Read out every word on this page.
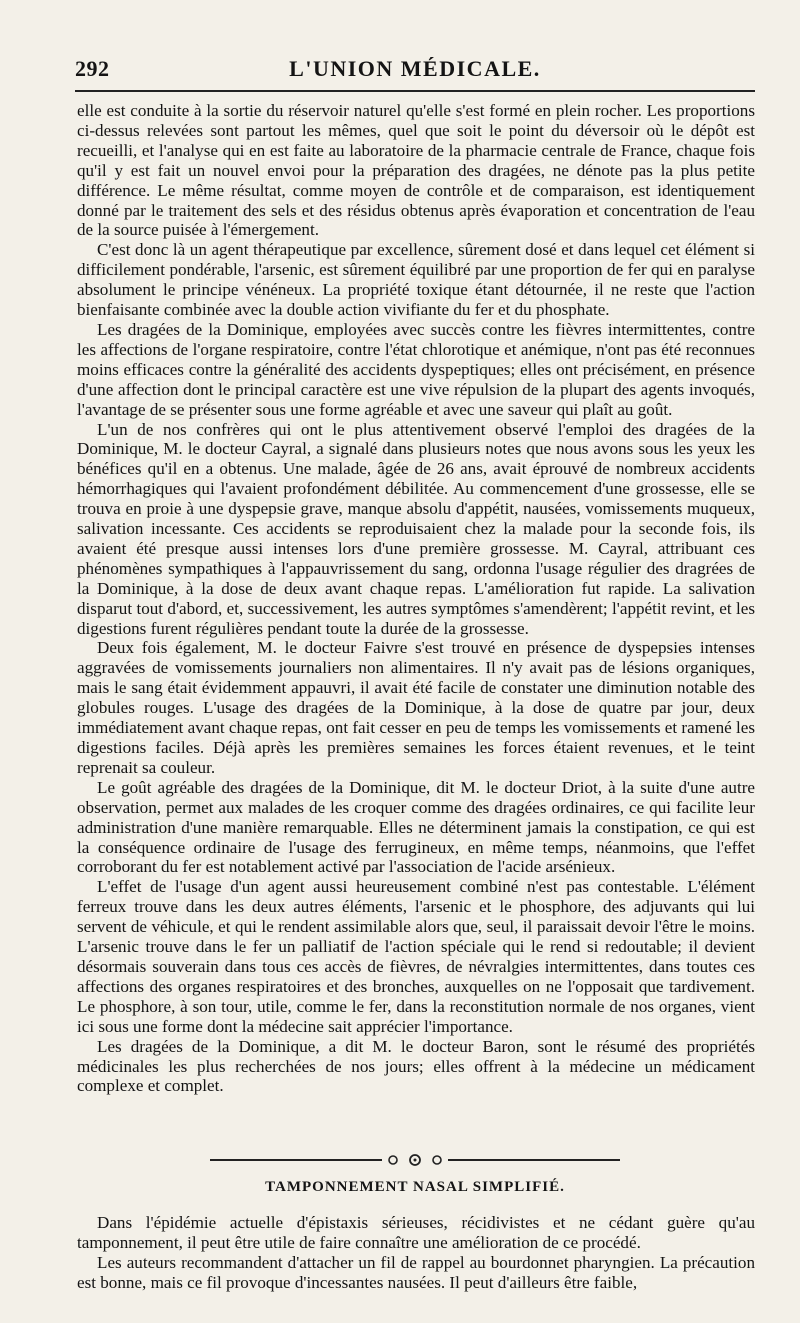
292	L'UNION MÉDICALE.

elle est conduite à la sortie du réservoir naturel qu'elle s'est formé en plein rocher. Les proportions ci-dessus relevées sont partout les mêmes, quel que soit le point du déversoir où le dépôt est recueilli, et l'analyse qui en est faite au laboratoire de la pharmacie centrale de France, chaque fois qu'il y est fait un nouvel envoi pour la préparation des dragées, ne dénote pas la plus petite différence. Le même résultat, comme moyen de contrôle et de comparaison, est identiquement donné par le traitement des sels et des résidus obtenus après évaporation et concentration de l'eau de la source puisée à l'émergement.

C'est donc là un agent thérapeutique par excellence, sûrement dosé et dans lequel cet élément si difficilement pondérable, l'arsenic, est sûrement équilibré par une proportion de fer qui en paralyse absolument le principe vénéneux. La propriété toxique étant détournée, il ne reste que l'action bienfaisante combinée avec la double action vivifiante du fer et du phosphate.

Les dragées de la Dominique, employées avec succès contre les fièvres intermittentes, contre les affections de l'organe respiratoire, contre l'état chlorotique et anémique, n'ont pas été reconnues moins efficaces contre la généralité des accidents dyspeptiques; elles ont précisément, en présence d'une affection dont le principal caractère est une vive répulsion de la plupart des agents invoqués, l'avantage de se présenter sous une forme agréable et avec une saveur qui plaît au goût.

L'un de nos confrères qui ont le plus attentivement observé l'emploi des dragées de la Dominique, M. le docteur Cayral, a signalé dans plusieurs notes que nous avons sous les yeux les bénéfices qu'il en a obtenus. Une malade, âgée de 26 ans, avait éprouvé de nombreux accidents hémorrhagiques qui l'avaient profondément débilitée. Au commencement d'une grossesse, elle se trouva en proie à une dyspepsie grave, manque absolu d'appétit, nausées, vomissements muqueux, salivation incessante. Ces accidents se reproduisaient chez la malade pour la seconde fois, ils avaient été presque aussi intenses lors d'une première grossesse. M. Cayral, attribuant ces phénomènes sympathiques à l'appauvrissement du sang, ordonna l'usage régulier des dragrées de la Dominique, à la dose de deux avant chaque repas. L'amélioration fut rapide. La salivation disparut tout d'abord, et, successivement, les autres symptômes s'amendèrent; l'appétit revint, et les digestions furent régulières pendant toute la durée de la grossesse.

Deux fois également, M. le docteur Faivre s'est trouvé en présence de dyspepsies intenses aggravées de vomissements journaliers non alimentaires. Il n'y avait pas de lésions organiques, mais le sang était évidemment appauvri, il avait été facile de constater une diminution notable des globules rouges. L'usage des dragées de la Dominique, à la dose de quatre par jour, deux immédiatement avant chaque repas, ont fait cesser en peu de temps les vomissements et ramené les digestions faciles. Déjà après les premières semaines les forces étaient revenues, et le teint reprenait sa couleur.

Le goût agréable des dragées de la Dominique, dit M. le docteur Driot, à la suite d'une autre observation, permet aux malades de les croquer comme des dragées ordinaires, ce qui facilite leur administration d'une manière remarquable. Elles ne déterminent jamais la constipation, ce qui est la conséquence ordinaire de l'usage des ferrugineux, en même temps, néanmoins, que l'effet corroborant du fer est notablement activé par l'association de l'acide arsénieux.

L'effet de l'usage d'un agent aussi heureusement combiné n'est pas contestable. L'élément ferreux trouve dans les deux autres éléments, l'arsenic et le phosphore, des adjuvants qui lui servent de véhicule, et qui le rendent assimilable alors que, seul, il paraissait devoir l'être le moins. L'arsenic trouve dans le fer un palliatif de l'action spéciale qui le rend si redoutable; il devient désormais souverain dans tous ces accès de fièvres, de névralgies intermittentes, dans toutes ces affections des organes respiratoires et des bronches, auxquelles on ne l'opposait que tardivement. Le phosphore, à son tour, utile, comme le fer, dans la reconstitution normale de nos organes, vient ici sous une forme dont la médecine sait apprécier l'importance.

Les dragées de la Dominique, a dit M. le docteur Baron, sont le résumé des propriétés médicinales les plus recherchées de nos jours; elles offrent à la médecine un médicament complexe et complet.

TAMPONNEMENT NASAL SIMPLIFIÉ.

Dans l'épidémie actuelle d'épistaxis sérieuses, récidivistes et ne cédant guère qu'au tamponnement, il peut être utile de faire connaître une amélioration de ce procédé.

Les auteurs recommandent d'attacher un fil de rappel au bourdonnet pharyngien. La précaution est bonne, mais ce fil provoque d'incessantes nausées. Il peut d'ailleurs être faible,
